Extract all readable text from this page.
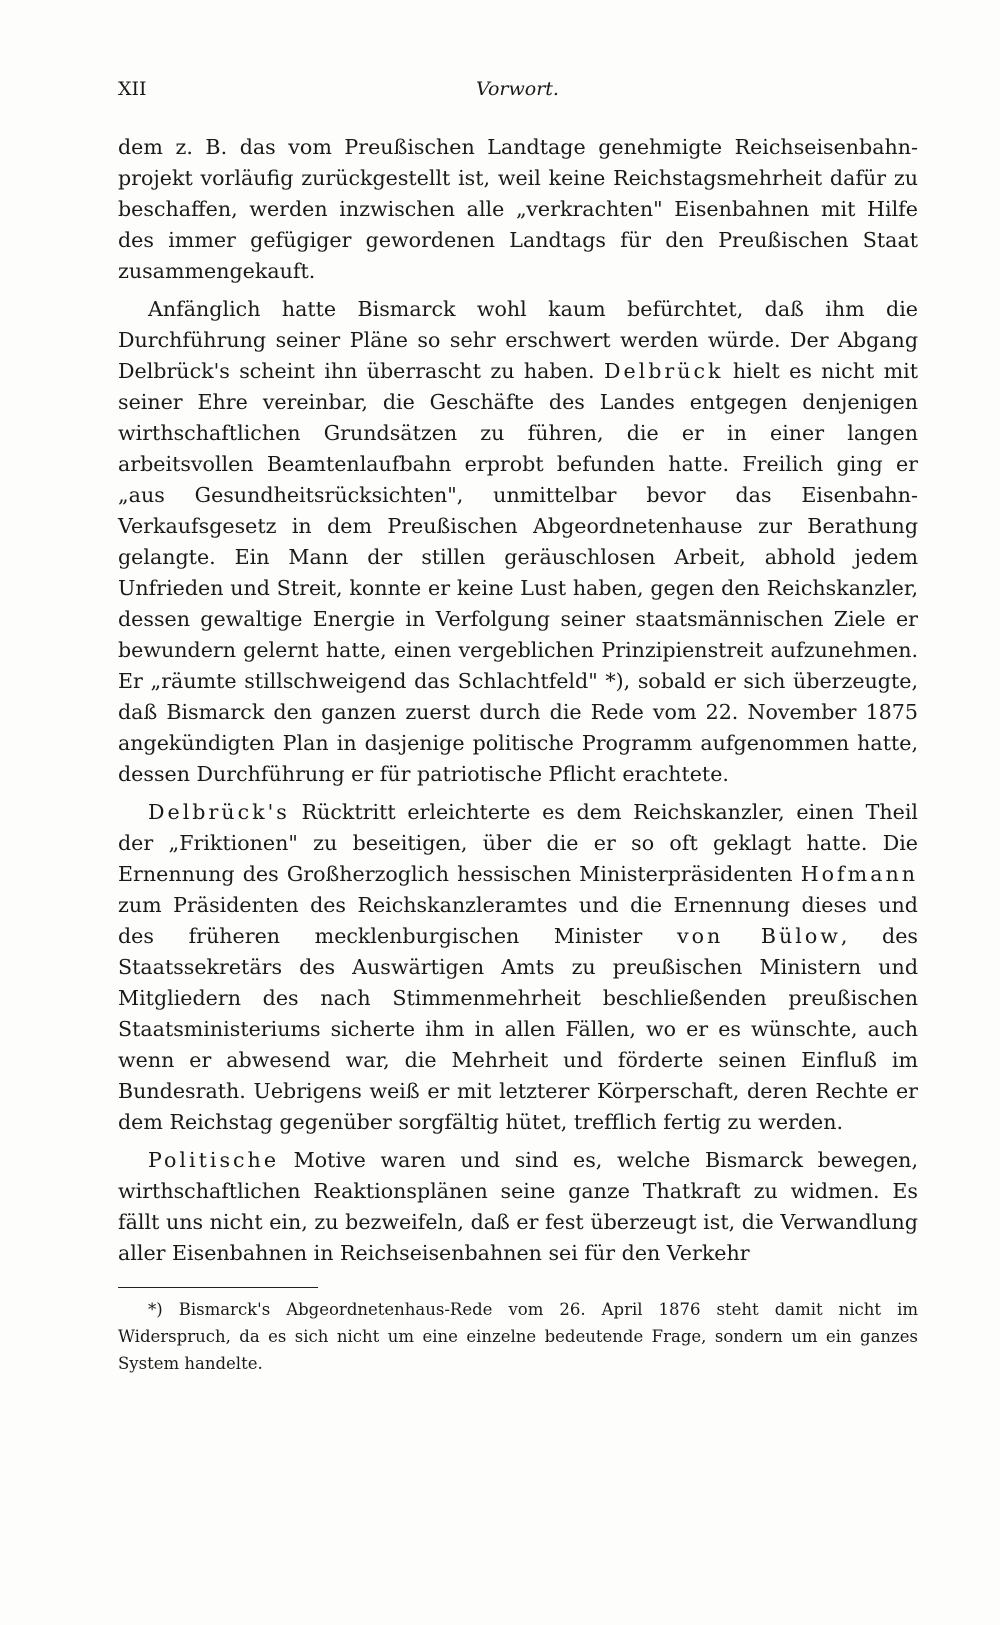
XII	Vorwort.

dem z. B. das vom Preußischen Landtage genehmigte Reichseisenbahn-projekt vorläufig zurückgestellt ist, weil keine Reichstagsmehrheit dafür zu beschaffen, werden inzwischen alle „verkrachten" Eisenbahnen mit Hilfe des immer gefügiger gewordenen Landtags für den Preußischen Staat zusammengekauft.

Anfänglich hatte Bismarck wohl kaum befürchtet, daß ihm die Durchführung seiner Pläne so sehr erschwert werden würde. Der Abgang Delbrück's scheint ihn überrascht zu haben. Delbrück hielt es nicht mit seiner Ehre vereinbar, die Geschäfte des Landes entgegen denjenigen wirthschaftlichen Grundsätzen zu führen, die er in einer langen arbeitsvollen Beamtenlaufbahn erprobt befunden hatte. Freilich ging er „aus Gesundheitsrücksichten", unmittelbar bevor das Eisenbahn-Verkaufsgesetz in dem Preußischen Abgeordnetenhause zur Berathung gelangte. Ein Mann der stillen geräuschlosen Arbeit, abhold jedem Unfrieden und Streit, konnte er keine Lust haben, gegen den Reichskanzler, dessen gewaltige Energie in Verfolgung seiner staatsmännischen Ziele er bewundern gelernt hatte, einen vergeblichen Prinzipienstreit aufzunehmen. Er „räumte stillschweigend das Schlachtfeld" *), sobald er sich überzeugte, daß Bismarck den ganzen zuerst durch die Rede vom 22. November 1875 angekündigten Plan in dasjenige politische Programm aufgenommen hatte, dessen Durchführung er für patriotische Pflicht erachtete.

Delbrück's Rücktritt erleichterte es dem Reichskanzler, einen Theil der „Friktionen" zu beseitigen, über die er so oft geklagt hatte. Die Ernennung des Großherzoglich hessischen Ministerpräsidenten Hofmann zum Präsidenten des Reichskanzleramtes und die Ernennung dieses und des früheren mecklenburgischen Minister von Bülow, des Staatssekretärs des Auswärtigen Amts zu preußischen Ministern und Mitgliedern des nach Stimmenmehrheit beschließenden preußischen Staatsministeriums sicherte ihm in allen Fällen, wo er es wünschte, auch wenn er abwesend war, die Mehrheit und förderte seinen Einfluß im Bundesrath. Uebrigens weiß er mit letzterer Körperschaft, deren Rechte er dem Reichstag gegenüber sorgfältig hütet, trefflich fertig zu werden.

Politische Motive waren und sind es, welche Bismarck bewegen, wirthschaftlichen Reaktionsplänen seine ganze Thatkraft zu widmen. Es fällt uns nicht ein, zu bezweifeln, daß er fest überzeugt ist, die Verwandlung aller Eisenbahnen in Reichseisenbahnen sei für den Verkehr

*) Bismarck's Abgeordnetenhaus-Rede vom 26. April 1876 steht damit nicht im Widerspruch, da es sich nicht um eine einzelne bedeutende Frage, sondern um ein ganzes System handelte.
